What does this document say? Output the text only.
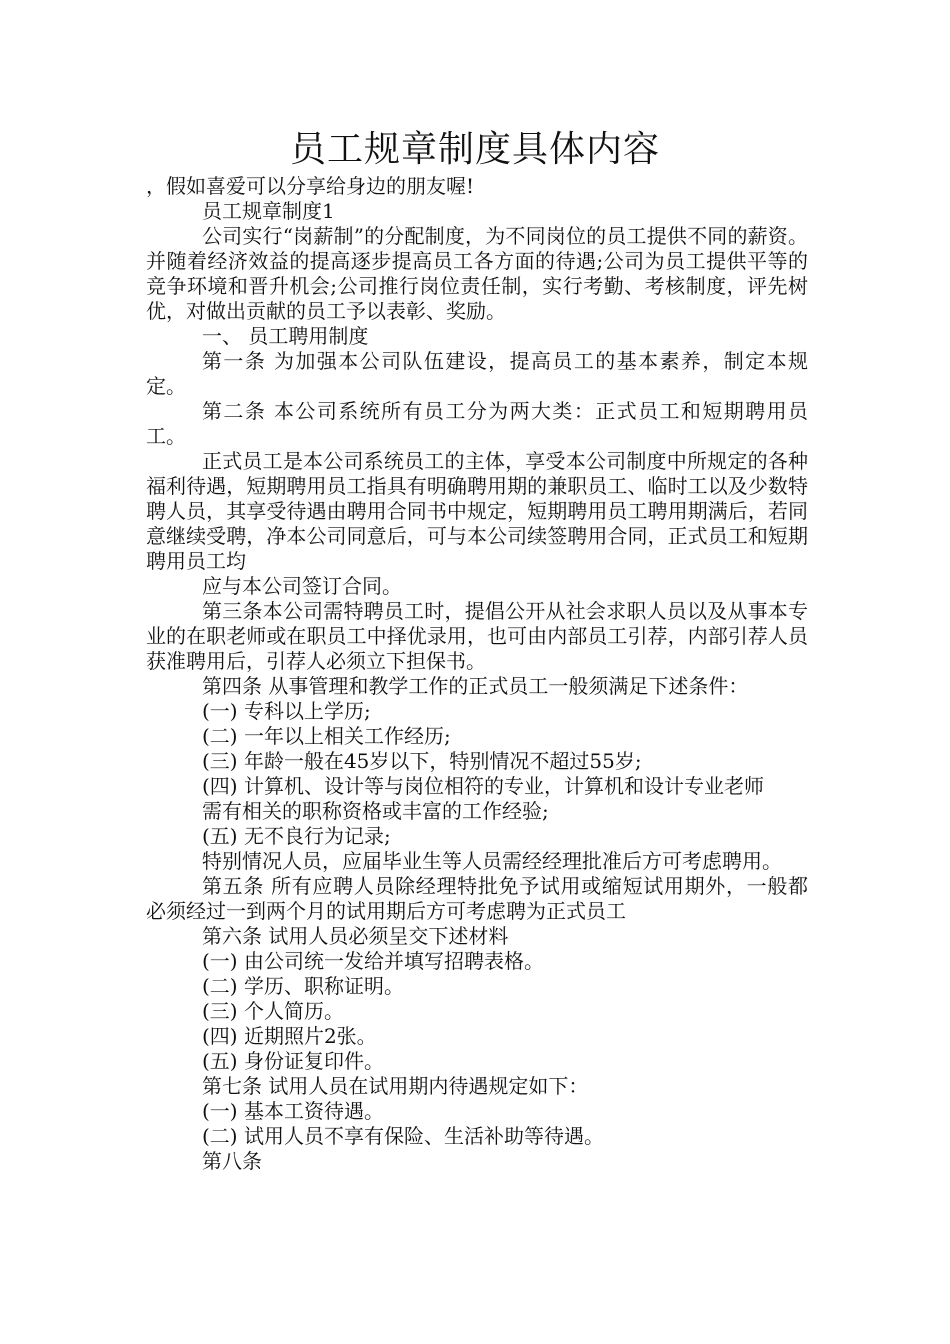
员工规章制度具体内容

，假如喜爱可以分享给身边的朋友喔!

员工规章制度1

公司实行“岗薪制”的分配制度，为不同岗位的员工提供不同的薪资。并随着经济效益的提高逐步提高员工各方面的待遇;公司为员工提供平等的竞争环境和晋升机会;公司推行岗位责任制，实行考勤、考核制度，评先树优，对做出贡献的员工予以表彰、奖励。

一、 员工聘用制度

第一条 为加强本公司队伍建设，提高员工的基本素养，制定本规定。

第二条 本公司系统所有员工分为两大类：正式员工和短期聘用员工。

正式员工是本公司系统员工的主体，享受本公司制度中所规定的各种福利待遇，短期聘用员工指具有明确聘用期的兼职员工、临时工以及少数特聘人员，其享受待遇由聘用合同书中规定，短期聘用员工聘用期满后，若同意继续受聘，净本公司同意后，可与本公司续签聘用合同，正式员工和短期聘用员工均

应与本公司签订合同。

第三条本公司需特聘员工时，提倡公开从社会求职人员以及从事本专业的在职老师或在职员工中择优录用，也可由内部员工引荐，内部引荐人员获准聘用后，引荐人必须立下担保书。

第四条 从事管理和教学工作的正式员工一般须满足下述条件：

(一) 专科以上学历;

(二) 一年以上相关工作经历;

(三) 年龄一般在45岁以下，特别情况不超过55岁;

(四) 计算机、设计等与岗位相符的专业，计算机和设计专业老师

需有相关的职称资格或丰富的工作经验;

(五) 无不良行为记录;

特别情况人员，应届毕业生等人员需经经理批准后方可考虑聘用。

第五条 所有应聘人员除经理特批免予试用或缩短试用期外，一般都必须经过一到两个月的试用期后方可考虑聘为正式员工

第六条 试用人员必须呈交下述材料

(一) 由公司统一发给并填写招聘表格。

(二) 学历、职称证明。

(三) 个人简历。

(四) 近期照片2张。

(五) 身份证复印件。

第七条 试用人员在试用期内待遇规定如下：

(一) 基本工资待遇。

(二) 试用人员不享有保险、生活补助等待遇。

第八条
